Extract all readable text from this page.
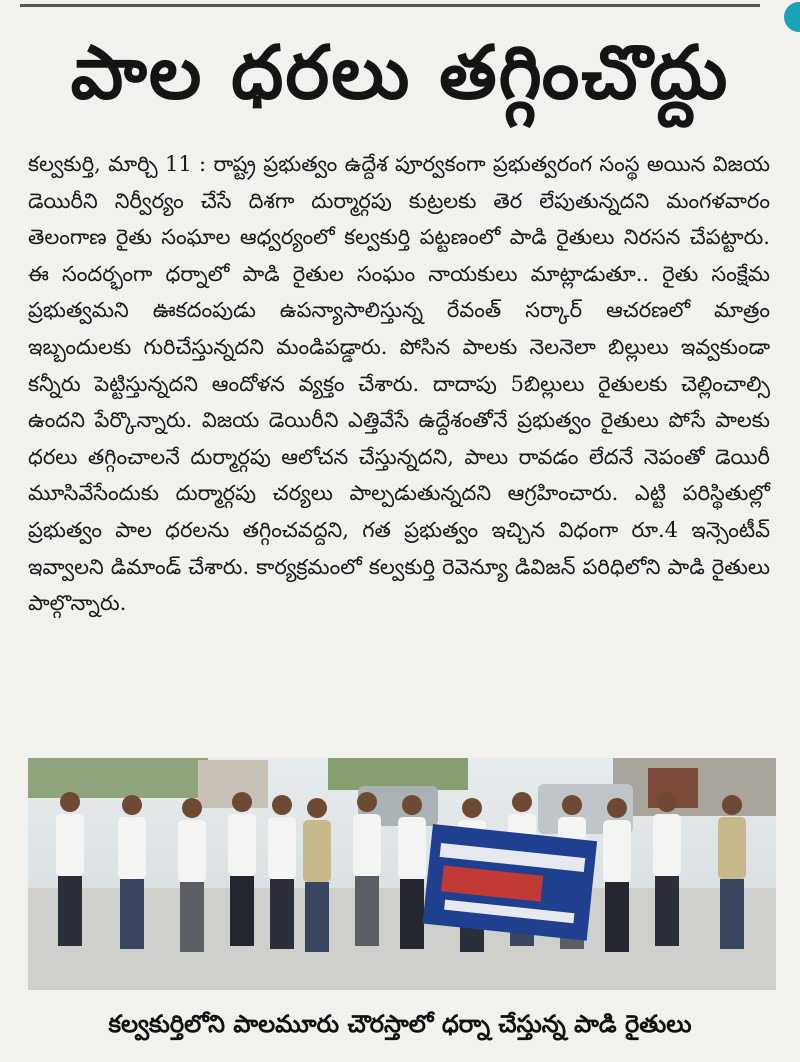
పాల ధరలు తగ్గించొద్దు
కల్వకుర్తి, మార్చి 11 : రాష్ట్ర ప్రభుత్వం ఉద్దేశ పూర్వకంగా ప్రభుత్వరంగ సంస్థ అయిన విజయ డెయిరీని నిర్వీర్యం చేసే దిశగా దుర్మార్గపు కుట్రలకు తెర లేపుతున్నదని మంగళవారం తెలంగాణ రైతు సంఘాల ఆధ్వర్యంలో కల్వకుర్తి పట్టణంలో పాడి రైతులు నిరసన చేపట్టారు. ఈ సందర్భంగా ధర్నాలో పాడి రైతుల సంఘం నాయకులు మాట్లాడుతూ.. రైతు సంక్షేమ ప్రభుత్వమని ఊకదంపుడు ఉపన్యాసాలిస్తున్న రేవంత్ సర్కార్ ఆచరణలో మాత్రం ఇబ్బందులకు గురిచేస్తున్నదని మండిపడ్డారు. పోసిన పాలకు నెలనెలా బిల్లులు ఇవ్వకుండా కన్నీరు పెట్టిస్తున్నదని ఆందోళన వ్యక్తం చేశారు. దాదాపు 5బిల్లులు రైతులకు చెల్లించాల్సి ఉందని పేర్కొన్నారు. విజయ డెయిరీని ఎత్తివేసే ఉద్దేశంతోనే ప్రభుత్వం రైతులు పోసే పాలకు ధరలు తగ్గించాలనే దుర్మార్గపు ఆలోచన చేస్తున్నదని, పాలు రావడం లేదనే నెపంతో డెయిరీ మూసివేసేందుకు దుర్మార్గపు చర్యలు పాల్పడుతున్నదని ఆగ్రహించారు. ఎట్టి పరిస్థితుల్లో ప్రభుత్వం పాల ధరలను తగ్గించవద్దని, గత ప్రభుత్వం ఇచ్చిన విధంగా రూ.4 ఇన్సెంటీవ్ ఇవ్వాలని డిమాండ్ చేశారు. కార్యక్రమంలో కల్వకుర్తి రెవెన్యూ డివిజన్ పరిధిలోని పాడి రైతులు పాల్గొన్నారు.
కల్వకుర్తిలోని పాలమూరు చౌరస్తాలో ధర్నా చేస్తున్న పాడి రైతులు
